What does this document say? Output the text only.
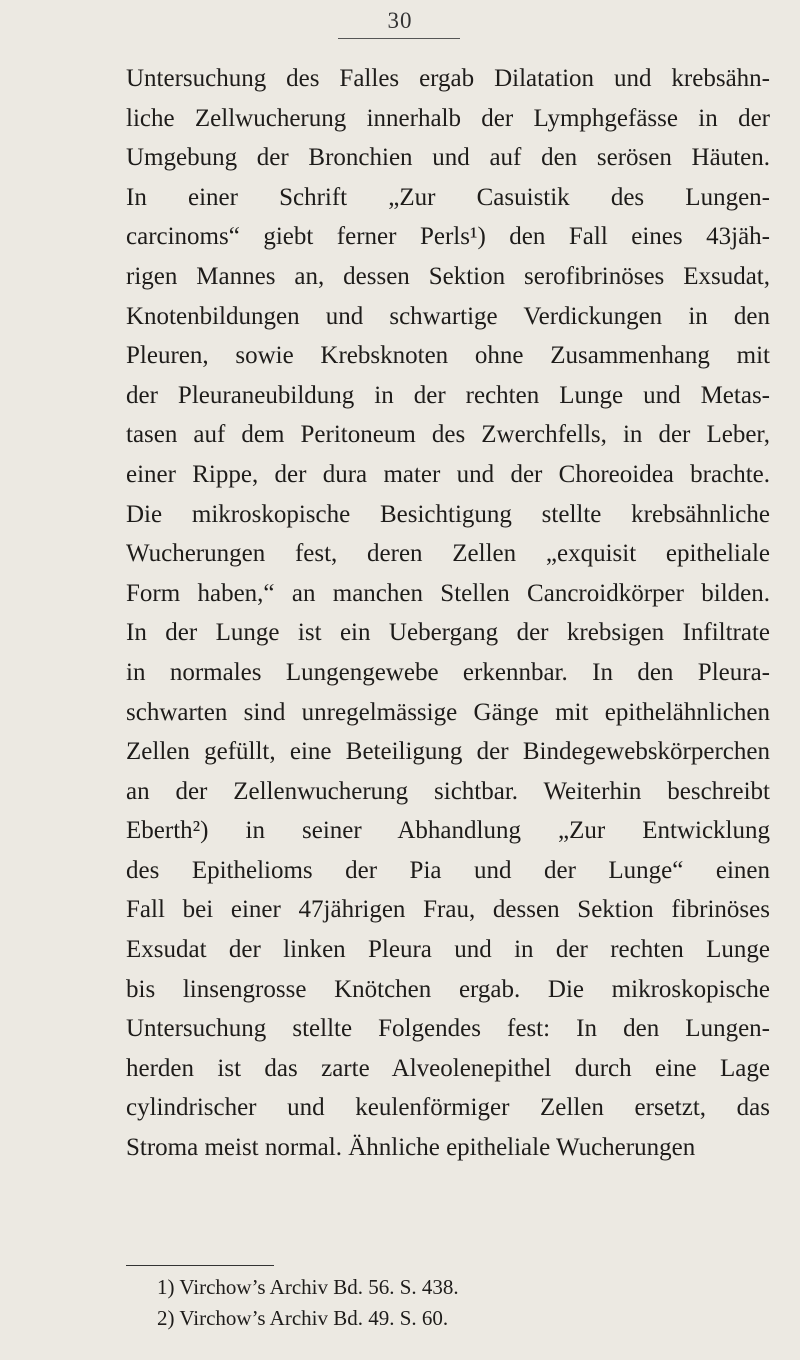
30
Untersuchung des Falles ergab Dilatation und krebsähn-
liche Zellwucherung innerhalb der Lymphgefässe in der
Umgebung der Bronchien und auf den serösen Häuten.
In einer Schrift „Zur Casuistik des Lungen-
carcinoms“ giebt ferner Perls¹) den Fall eines 43jäh-
rigen Mannes an, dessen Sektion serofibrinöses Exsudat,
Knotenbildungen und schwartige Verdickungen in den
Pleuren, sowie Krebsknoten ohne Zusammenhang mit
der Pleuraneubildung in der rechten Lunge und Metas-
tasen auf dem Peritoneum des Zwerchfells, in der Leber,
einer Rippe, der dura mater und der Choreoidea brachte.
Die mikroskopische Besichtigung stellte krebsähnliche
Wucherungen fest, deren Zellen „exquisit epitheliale
Form haben,“ an manchen Stellen Cancroidkörper bilden.
In der Lunge ist ein Uebergang der krebsigen Infiltrate
in normales Lungengewebe erkennbar. In den Pleura-
schwarten sind unregelmässige Gänge mit epithelähnlichen
Zellen gefüllt, eine Beteiligung der Bindegewebskörperchen
an der Zellenwucherung sichtbar. Weiterhin beschreibt
Eberth²) in seiner Abhandlung „Zur Entwicklung
des Epithelioms der Pia und der Lunge“ einen
Fall bei einer 47jährigen Frau, dessen Sektion fibrinöses
Exsudat der linken Pleura und in der rechten Lunge
bis linsengrosse Knötchen ergab. Die mikroskopische
Untersuchung stellte Folgendes fest: In den Lungen-
herden ist das zarte Alveolenepithel durch eine Lage
cylindrischer und keulenförmiger Zellen ersetzt, das
Stroma meist normal. Ähnliche epitheliale Wucherungen
1) Virchow’s Archiv Bd. 56. S. 438.
2) Virchow’s Archiv Bd. 49. S. 60.
